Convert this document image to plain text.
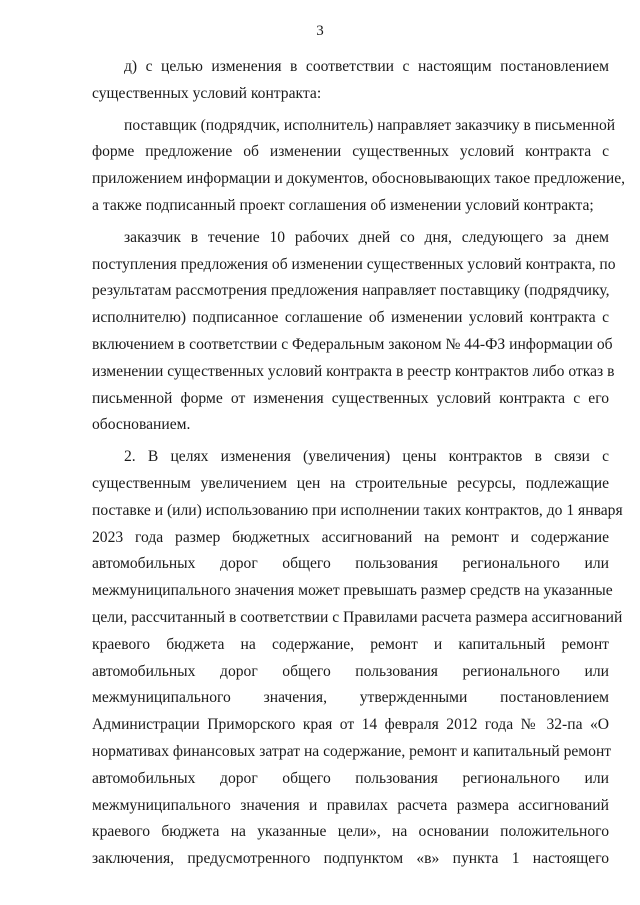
3
д) с целью изменения в соответствии с настоящим постановлением
существенных условий контракта:
поставщик (подрядчик, исполнитель) направляет заказчику в письменной
форме предложение об изменении существенных условий контракта с
приложением информации и документов, обосновывающих такое предложение,
а также подписанный проект соглашения об изменении условий контракта;
заказчик в течение 10 рабочих дней со дня, следующего за днем
поступления предложения об изменении существенных условий контракта, по
результатам рассмотрения предложения направляет поставщику (подрядчику,
исполнителю) подписанное соглашение об изменении условий контракта с
включением в соответствии с Федеральным законом № 44-ФЗ информации об
изменении существенных условий контракта в реестр контрактов либо отказ в
письменной форме от изменения существенных условий контракта с его
обоснованием.
2. В целях изменения (увеличения) цены контрактов в связи с
существенным увеличением цен на строительные ресурсы, подлежащие
поставке и (или) использованию при исполнении таких контрактов, до 1 января
2023 года размер бюджетных ассигнований на ремонт и содержание
автомобильных дорог общего пользования регионального или
межмуниципального значения может превышать размер средств на указанные
цели, рассчитанный в соответствии с Правилами расчета размера ассигнований
краевого бюджета на содержание, ремонт и капитальный ремонт
автомобильных дорог общего пользования регионального или
межмуниципального значения, утвержденными постановлением
Администрации Приморского края от 14 февраля 2012 года № 32-па «О
нормативах финансовых затрат на содержание, ремонт и капитальный ремонт
автомобильных дорог общего пользования регионального или
межмуниципального значения и правилах расчета размера ассигнований
краевого бюджета на указанные цели», на основании положительного
заключения, предусмотренного подпунктом «в» пункта 1 настоящего
